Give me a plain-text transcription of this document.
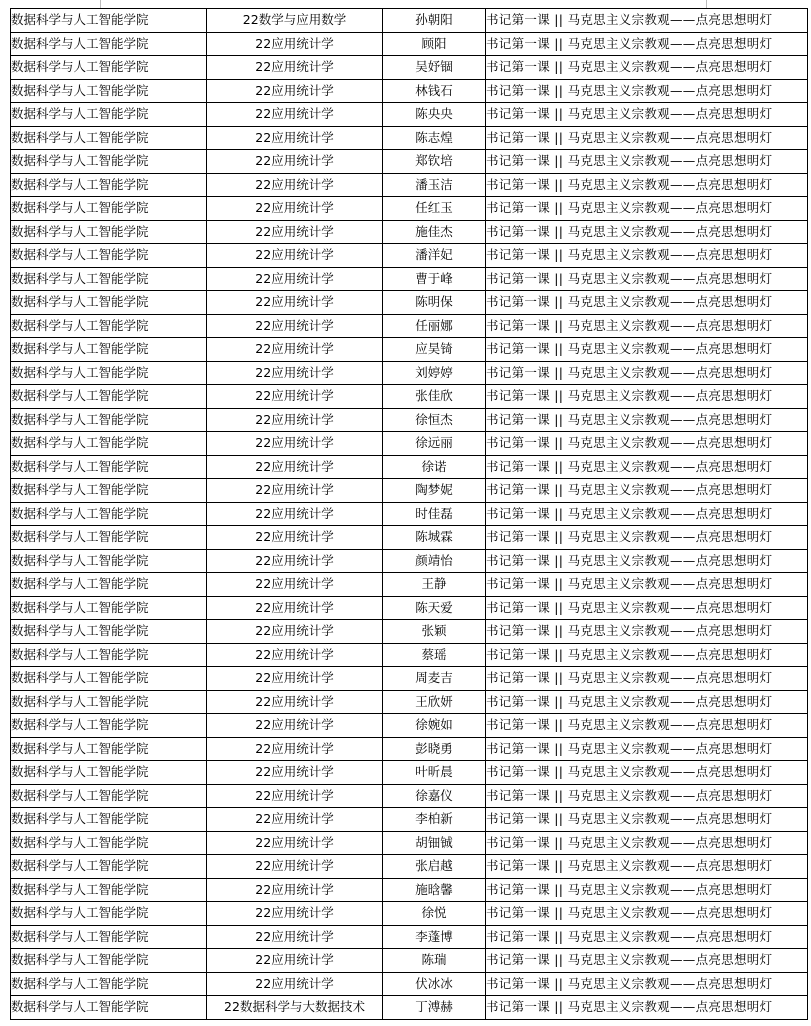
数据科学与人工智能学院	22数学与应用数学	孙朝阳	书记第一课 || 马克思主义宗教观——点亮思想明灯
数据科学与人工智能学院	22应用统计学	顾阳	书记第一课 || 马克思主义宗教观——点亮思想明灯
数据科学与人工智能学院	22应用统计学	吴妤锢	书记第一课 || 马克思主义宗教观——点亮思想明灯
数据科学与人工智能学院	22应用统计学	林钱石	书记第一课 || 马克思主义宗教观——点亮思想明灯
数据科学与人工智能学院	22应用统计学	陈央央	书记第一课 || 马克思主义宗教观——点亮思想明灯
数据科学与人工智能学院	22应用统计学	陈志煌	书记第一课 || 马克思主义宗教观——点亮思想明灯
数据科学与人工智能学院	22应用统计学	郑钦培	书记第一课 || 马克思主义宗教观——点亮思想明灯
数据科学与人工智能学院	22应用统计学	潘玉洁	书记第一课 || 马克思主义宗教观——点亮思想明灯
数据科学与人工智能学院	22应用统计学	任红玉	书记第一课 || 马克思主义宗教观——点亮思想明灯
数据科学与人工智能学院	22应用统计学	施佳杰	书记第一课 || 马克思主义宗教观——点亮思想明灯
数据科学与人工智能学院	22应用统计学	潘洋妃	书记第一课 || 马克思主义宗教观——点亮思想明灯
数据科学与人工智能学院	22应用统计学	曹于峰	书记第一课 || 马克思主义宗教观——点亮思想明灯
数据科学与人工智能学院	22应用统计学	陈明保	书记第一课 || 马克思主义宗教观——点亮思想明灯
数据科学与人工智能学院	22应用统计学	任丽娜	书记第一课 || 马克思主义宗教观——点亮思想明灯
数据科学与人工智能学院	22应用统计学	应昊锜	书记第一课 || 马克思主义宗教观——点亮思想明灯
数据科学与人工智能学院	22应用统计学	刘婷婷	书记第一课 || 马克思主义宗教观——点亮思想明灯
数据科学与人工智能学院	22应用统计学	张佳欣	书记第一课 || 马克思主义宗教观——点亮思想明灯
数据科学与人工智能学院	22应用统计学	徐恒杰	书记第一课 || 马克思主义宗教观——点亮思想明灯
数据科学与人工智能学院	22应用统计学	徐远丽	书记第一课 || 马克思主义宗教观——点亮思想明灯
数据科学与人工智能学院	22应用统计学	徐诺	书记第一课 || 马克思主义宗教观——点亮思想明灯
数据科学与人工智能学院	22应用统计学	陶梦妮	书记第一课 || 马克思主义宗教观——点亮思想明灯
数据科学与人工智能学院	22应用统计学	时佳磊	书记第一课 || 马克思主义宗教观——点亮思想明灯
数据科学与人工智能学院	22应用统计学	陈城霖	书记第一课 || 马克思主义宗教观——点亮思想明灯
数据科学与人工智能学院	22应用统计学	颜靖怡	书记第一课 || 马克思主义宗教观——点亮思想明灯
数据科学与人工智能学院	22应用统计学	王静	书记第一课 || 马克思主义宗教观——点亮思想明灯
数据科学与人工智能学院	22应用统计学	陈天爱	书记第一课 || 马克思主义宗教观——点亮思想明灯
数据科学与人工智能学院	22应用统计学	张颖	书记第一课 || 马克思主义宗教观——点亮思想明灯
数据科学与人工智能学院	22应用统计学	蔡瑶	书记第一课 || 马克思主义宗教观——点亮思想明灯
数据科学与人工智能学院	22应用统计学	周麦吉	书记第一课 || 马克思主义宗教观——点亮思想明灯
数据科学与人工智能学院	22应用统计学	王欣妍	书记第一课 || 马克思主义宗教观——点亮思想明灯
数据科学与人工智能学院	22应用统计学	徐婉如	书记第一课 || 马克思主义宗教观——点亮思想明灯
数据科学与人工智能学院	22应用统计学	彭晓勇	书记第一课 || 马克思主义宗教观——点亮思想明灯
数据科学与人工智能学院	22应用统计学	叶昕晨	书记第一课 || 马克思主义宗教观——点亮思想明灯
数据科学与人工智能学院	22应用统计学	徐嘉仪	书记第一课 || 马克思主义宗教观——点亮思想明灯
数据科学与人工智能学院	22应用统计学	李柏新	书记第一课 || 马克思主义宗教观——点亮思想明灯
数据科学与人工智能学院	22应用统计学	胡钿铖	书记第一课 || 马克思主义宗教观——点亮思想明灯
数据科学与人工智能学院	22应用统计学	张启越	书记第一课 || 马克思主义宗教观——点亮思想明灯
数据科学与人工智能学院	22应用统计学	施晗馨	书记第一课 || 马克思主义宗教观——点亮思想明灯
数据科学与人工智能学院	22应用统计学	徐悦	书记第一课 || 马克思主义宗教观——点亮思想明灯
数据科学与人工智能学院	22应用统计学	李蓬博	书记第一课 || 马克思主义宗教观——点亮思想明灯
数据科学与人工智能学院	22应用统计学	陈瑞	书记第一课 || 马克思主义宗教观——点亮思想明灯
数据科学与人工智能学院	22应用统计学	伏冰冰	书记第一课 || 马克思主义宗教观——点亮思想明灯
数据科学与人工智能学院	22数据科学与大数据技术	丁溥赫	书记第一课 || 马克思主义宗教观——点亮思想明灯
